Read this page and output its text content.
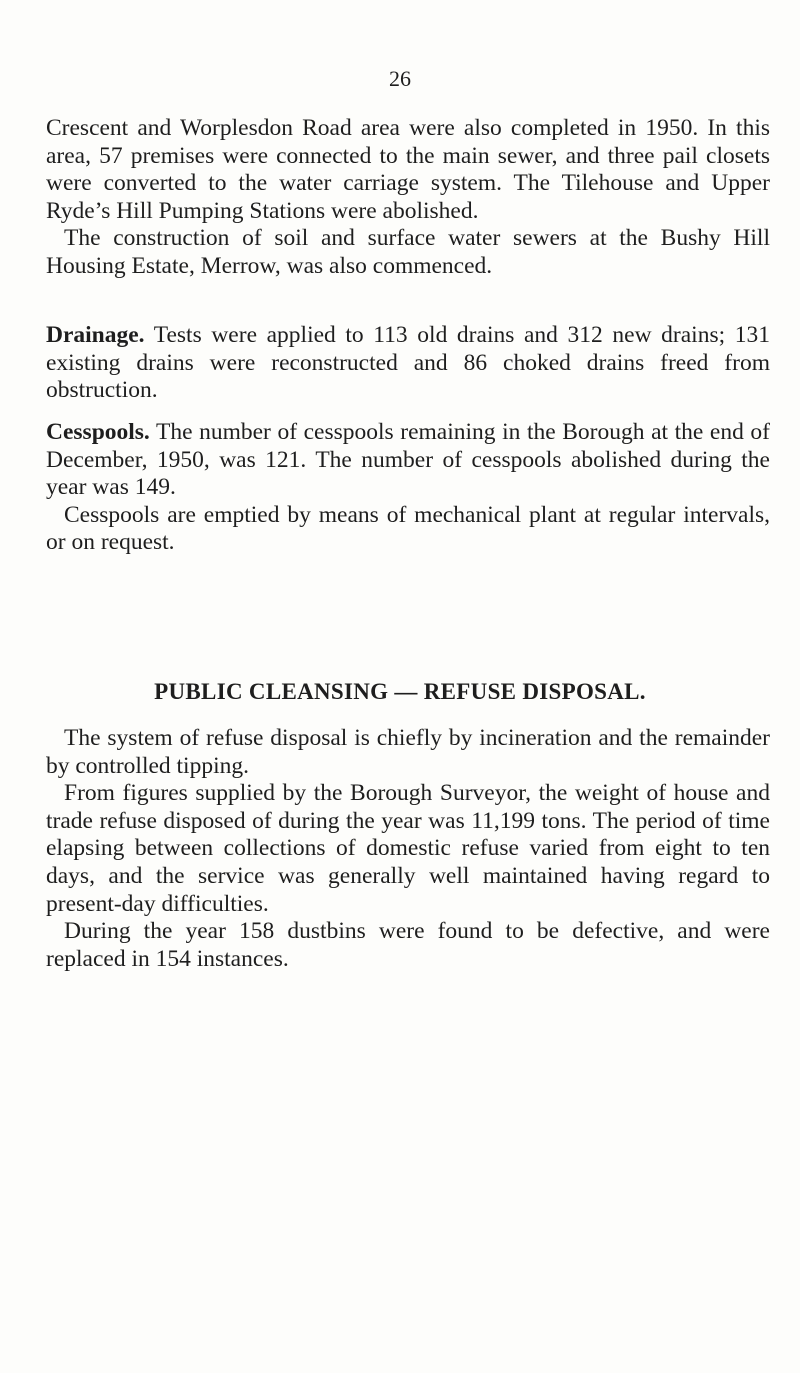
26

Crescent and Worplesdon Road area were also completed in 1950. In this area, 57 premises were connected to the main sewer, and three pail closets were converted to the water carriage system. The Tilehouse and Upper Ryde’s Hill Pumping Stations were abolished.

The construction of soil and surface water sewers at the Bushy Hill Housing Estate, Merrow, was also commenced.

Drainage. Tests were applied to 113 old drains and 312 new drains; 131 existing drains were reconstructed and 86 choked drains freed from obstruction.

Cesspools. The number of cesspools remaining in the Borough at the end of December, 1950, was 121. The number of cesspools abolished during the year was 149.

Cesspools are emptied by means of mechanical plant at regular intervals, or on request.

PUBLIC CLEANSING — REFUSE DISPOSAL.

The system of refuse disposal is chiefly by incineration and the remainder by controlled tipping.

From figures supplied by the Borough Surveyor, the weight of house and trade refuse disposed of during the year was 11,199 tons. The period of time elapsing between collections of domestic refuse varied from eight to ten days, and the service was generally well maintained having regard to present-day difficulties.

During the year 158 dustbins were found to be defective, and were replaced in 154 instances.
